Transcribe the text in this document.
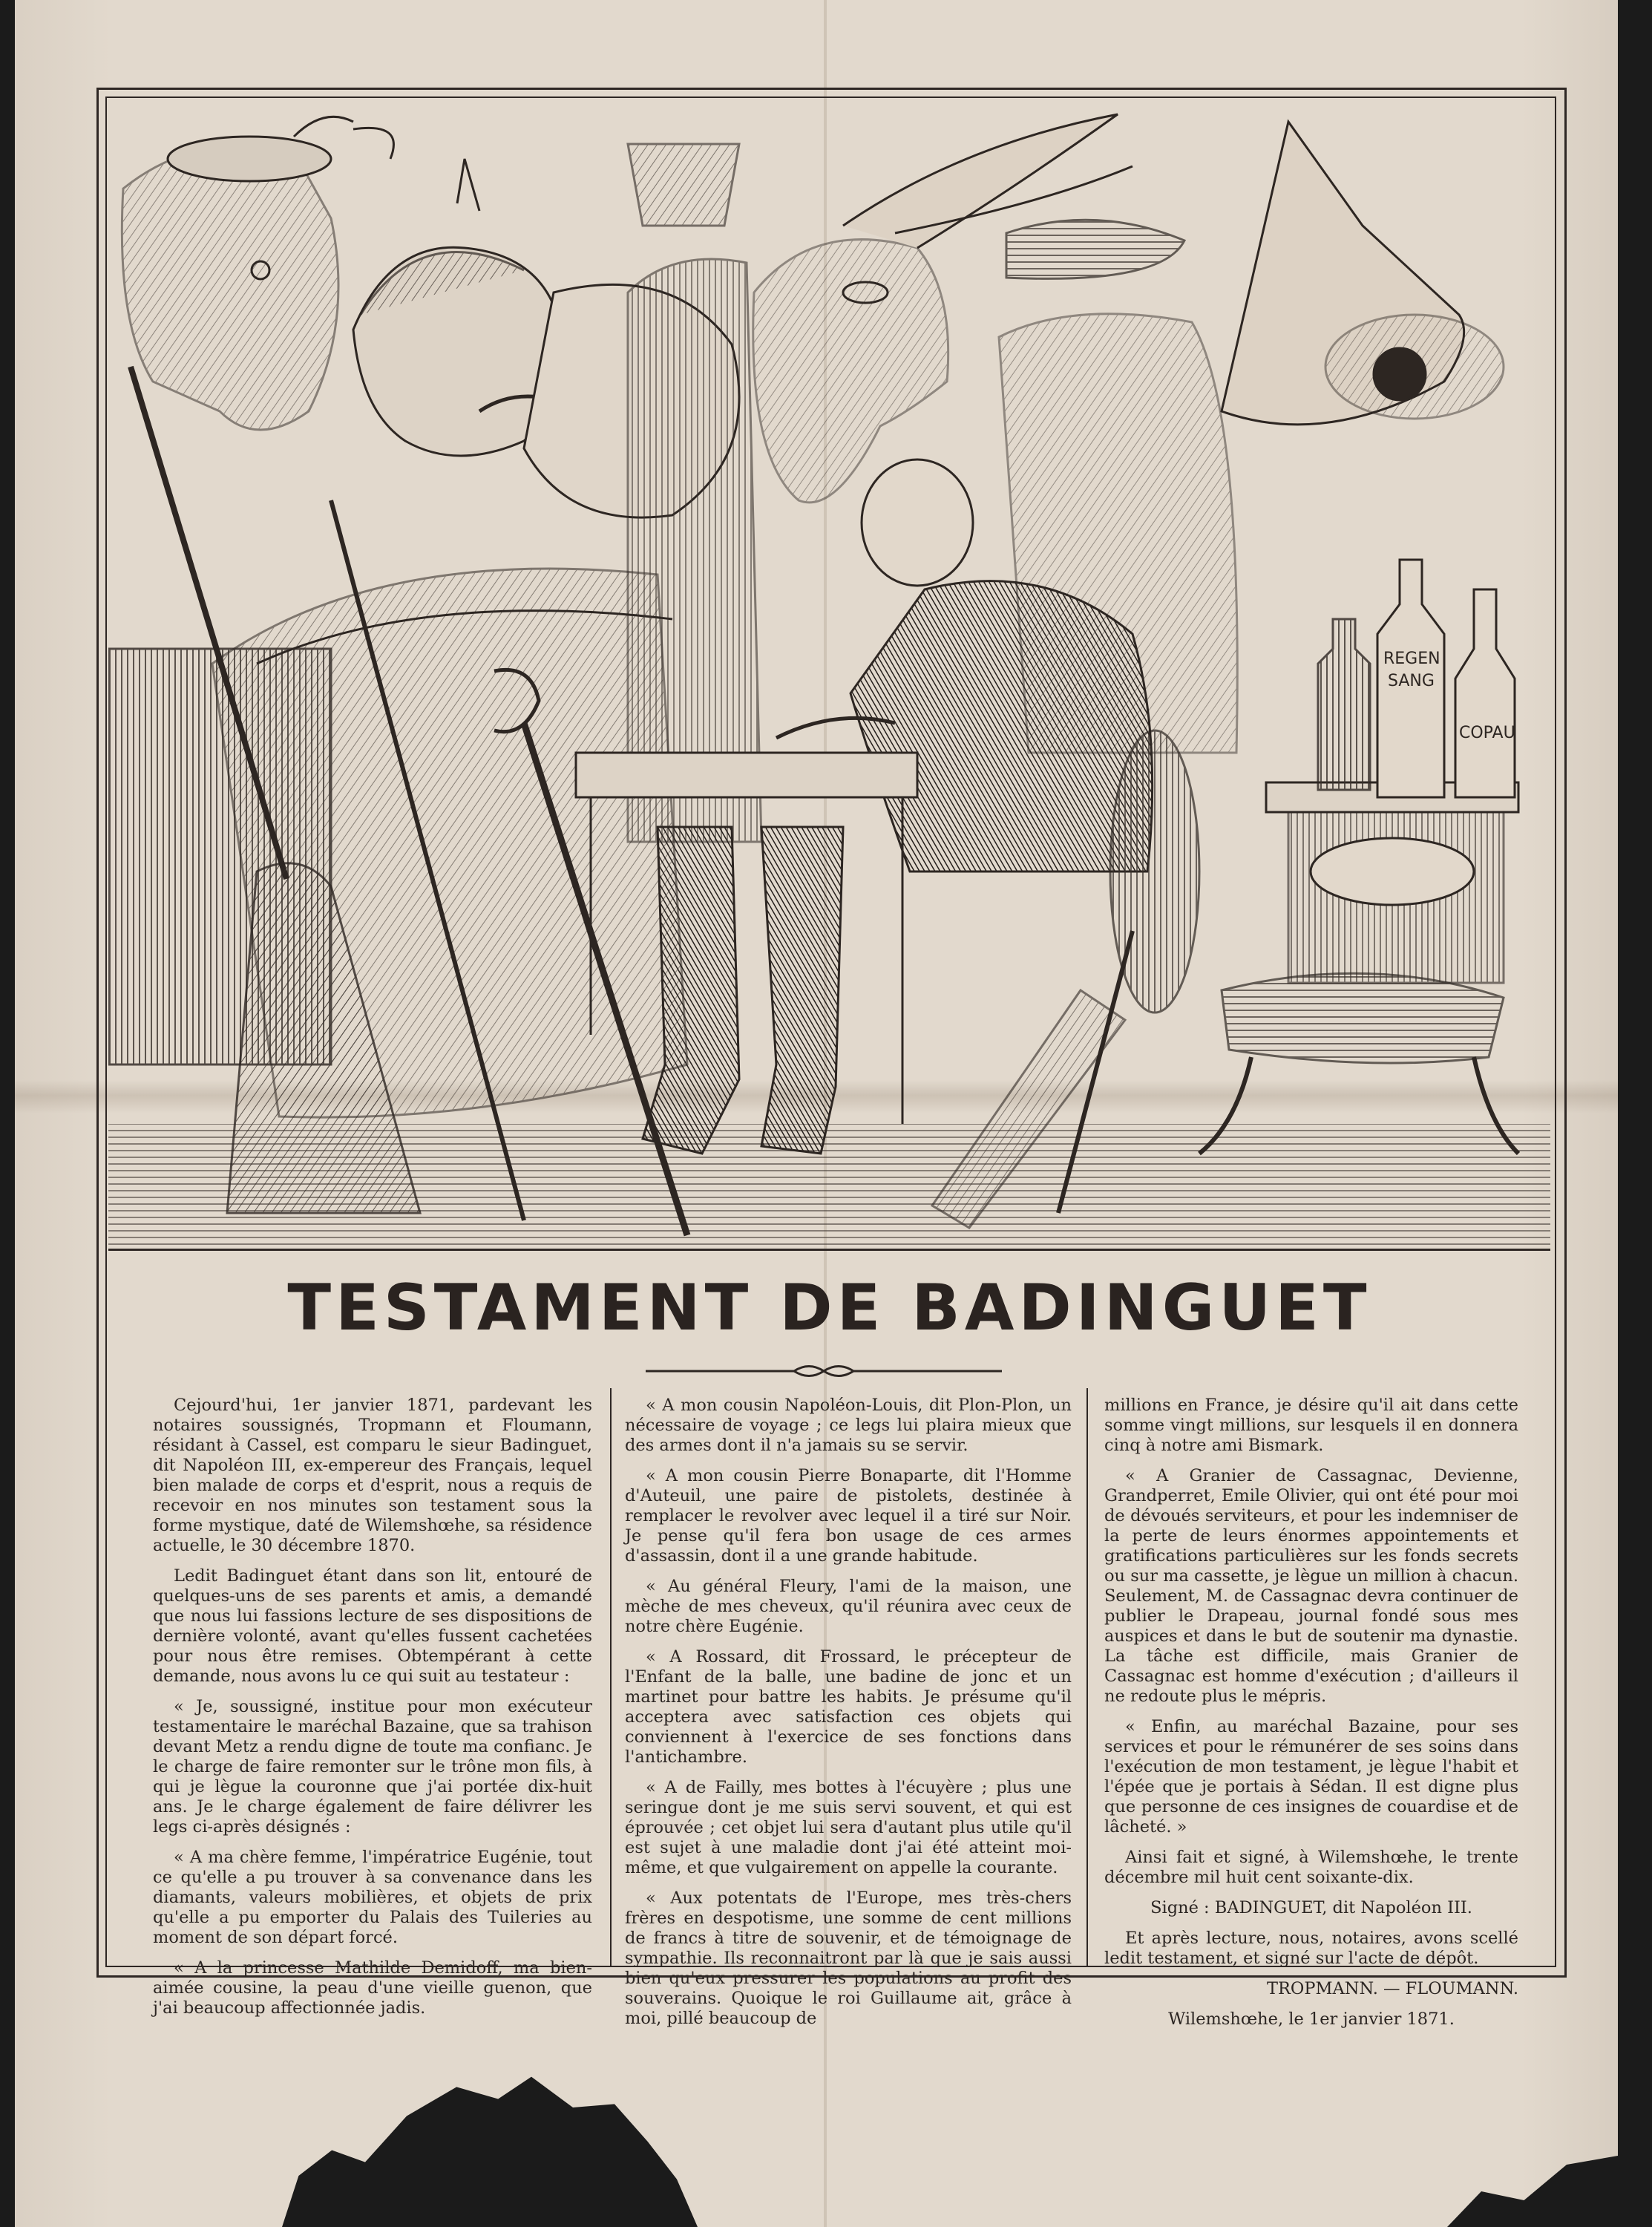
REGEN
SANG
COPAU
TESTAMENT DE BADINGUET

Cejourd'hui, 1er janvier 1871, pardevant les notaires soussignés, Tropmann et Floumann, résidant à Cassel, est comparu le sieur Badinguet, dit Napoléon III, ex-empereur des Français, lequel bien malade de corps et d'esprit, nous a requis de recevoir en nos minutes son testament sous la forme mystique, daté de Wilemshœhe, sa résidence actuelle, le 30 décembre 1870.

Ledit Badinguet étant dans son lit, entouré de quelques-uns de ses parents et amis, a demandé que nous lui fassions lecture de ses dispositions de dernière volonté, avant qu'elles fussent cachetées pour nous être remises. Obtempérant à cette demande, nous avons lu ce qui suit au testateur :

« Je, soussigné, institue pour mon exécuteur testamentaire le maréchal Bazaine, que sa trahison devant Metz a rendu digne de toute ma confianc. Je le charge de faire remonter sur le trône mon fils, à qui je lègue la couronne que j'ai portée dix-huit ans. Je le charge également de faire délivrer les legs ci-après désignés :

« A ma chère femme, l'impératrice Eugénie, tout ce qu'elle a pu trouver à sa convenance dans les diamants, valeurs mobilières, et objets de prix qu'elle a pu emporter du Palais des Tuileries au moment de son départ forcé.

« A la princesse Mathilde Demidoff, ma bien-aimée cousine, la peau d'une vieille guenon, que j'ai beaucoup affectionnée jadis.

« A mon cousin Napoléon-Louis, dit Plon-Plon, un nécessaire de voyage ; ce legs lui plaira mieux que des armes dont il n'a jamais su se servir.

« A mon cousin Pierre Bonaparte, dit l'Homme d'Auteuil, une paire de pistolets, destinée à remplacer le revolver avec lequel il a tiré sur Noir. Je pense qu'il fera bon usage de ces armes d'assassin, dont il a une grande habitude.

« Au général Fleury, l'ami de la maison, une mèche de mes cheveux, qu'il réunira avec ceux de notre chère Eugénie.

« A Rossard, dit Frossard, le précepteur de l'Enfant de la balle, une badine de jonc et un martinet pour battre les habits. Je présume qu'il acceptera avec satisfaction ces objets qui conviennent à l'exercice de ses fonctions dans l'antichambre.

« A de Failly, mes bottes à l'écuyère ; plus une seringue dont je me suis servi souvent, et qui est éprouvée ; cet objet lui sera d'autant plus utile qu'il est sujet à une maladie dont j'ai été atteint moi-même, et que vulgairement on appelle la courante.

« Aux potentats de l'Europe, mes très-chers frères en despotisme, une somme de cent millions de francs à titre de souvenir, et de témoignage de sympathie. Ils reconnaitront par là que je sais aussi bien qu'eux pressurer les populations au profit des souverains. Quoique le roi Guillaume ait, grâce à moi, pillé beaucoup de

millions en France, je désire qu'il ait dans cette somme vingt millions, sur lesquels il en donnera cinq à notre ami Bismark.

« A Granier de Cassagnac, Devienne, Grandperret, Emile Olivier, qui ont été pour moi de dévoués serviteurs, et pour les indemniser de la perte de leurs énormes appointements et gratifications particulières sur les fonds secrets ou sur ma cassette, je lègue un million à chacun. Seulement, M. de Cassagnac devra continuer de publier le Drapeau, journal fondé sous mes auspices et dans le but de soutenir ma dynastie. La tâche est difficile, mais Granier de Cassagnac est homme d'exécution ; d'ailleurs il ne redoute plus le mépris.

« Enfin, au maréchal Bazaine, pour ses services et pour le rémunérer de ses soins dans l'exécution de mon testament, je lègue l'habit et l'épée que je portais à Sédan. Il est digne plus que personne de ces insignes de couardise et de lâcheté. »

Ainsi fait et signé, à Wilemshœhe, le trente décembre mil huit cent soixante-dix.

Signé : BADINGUET, dit Napoléon III.

Et après lecture, nous, notaires, avons scellé ledit testament, et signé sur l'acte de dépôt.

TROPMANN. — FLOUMANN.

Wilemshœhe, le 1er janvier 1871.
